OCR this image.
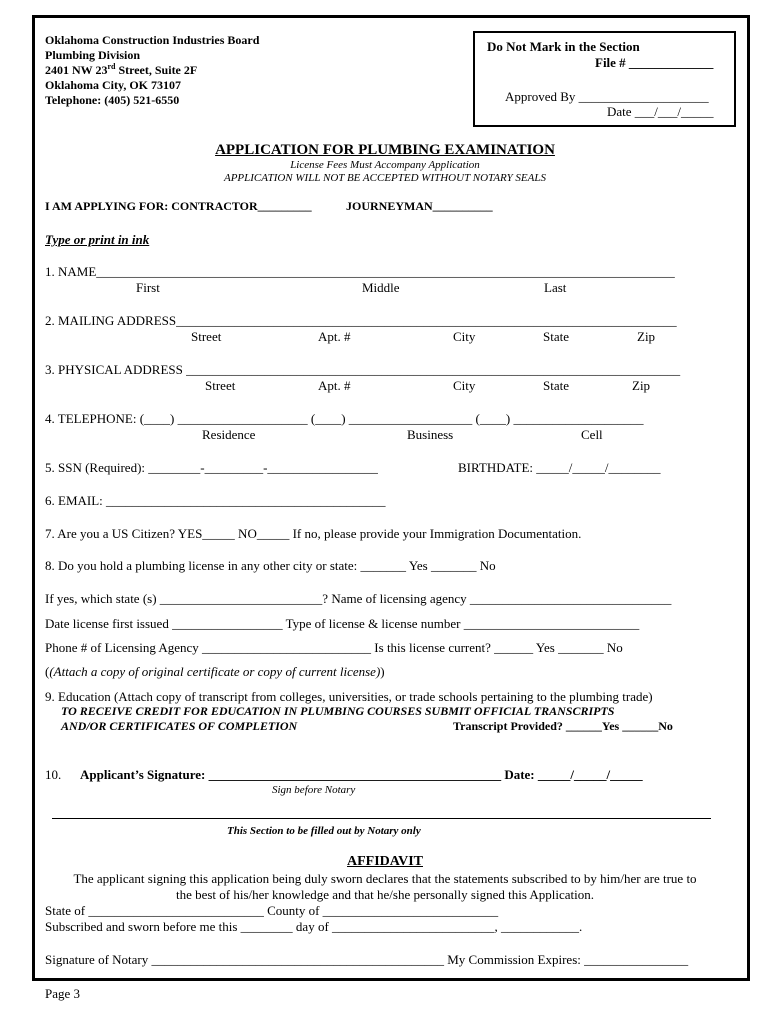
Oklahoma Construction Industries Board
Plumbing Division
2401 NW 23rd Street, Suite 2F
Oklahoma City, OK 73107
Telephone: (405) 521-6550
Do Not Mark in the Section
File # _____________
Approved By ____________________
Date ___/___/_____
APPLICATION FOR PLUMBING EXAMINATION
License Fees Must Accompany Application
APPLICATION WILL NOT BE ACCEPTED WITHOUT NOTARY SEALS
I AM APPLYING FOR: CONTRACTOR_________	JOURNEYMAN__________
Type or print in ink
1. NAME_________________________________________________________________________________________
First	Middle	Last
2. MAILING ADDRESS_____________________________________________________________________________
Street	Apt. #	City	State	Zip
3. PHYSICAL ADDRESS ____________________________________________________________________________
Street	Apt. #	City	State	Zip
4. TELEPHONE: (____) ____________________ (____) ___________________ (____) ____________________
Residence	Business	Cell
5. SSN (Required): ________-_________-_________________	BIRTHDATE: _____/_____/________
6. EMAIL: ___________________________________________
7. Are you a US Citizen? YES_____ NO_____ If no, please provide your Immigration Documentation.
8. Do you hold a plumbing license in any other city or state: _______ Yes _______ No
If yes, which state (s) _________________________? Name of licensing agency _______________________________
Date license first issued _________________ Type of license & license number ___________________________
Phone # of Licensing Agency __________________________ Is this license current? ______ Yes _______ No
((Attach a copy of original certificate or copy of current license))
9. Education (Attach copy of transcript from colleges, universities, or trade schools pertaining to the plumbing trade)
TO RECEIVE CREDIT FOR EDUCATION IN PLUMBING COURSES SUBMIT OFFICIAL TRANSCRIPTS
AND/OR CERTIFICATES OF COMPLETION	Transcript Provided? ______Yes ______No
10. Applicant’s Signature: _____________________________________________ Date: _____/_____/_____
Sign before Notary
This Section to be filled out by Notary only
AFFIDAVIT
The applicant signing this application being duly sworn declares that the statements subscribed to by him/her are true to
the best of his/her knowledge and that he/she personally signed this Application.
State of ___________________________ County of ___________________________
Subscribed and sworn before me this ________ day of _________________________, ____________.
Signature of Notary _____________________________________________ My Commission Expires: ________________
Page 3
